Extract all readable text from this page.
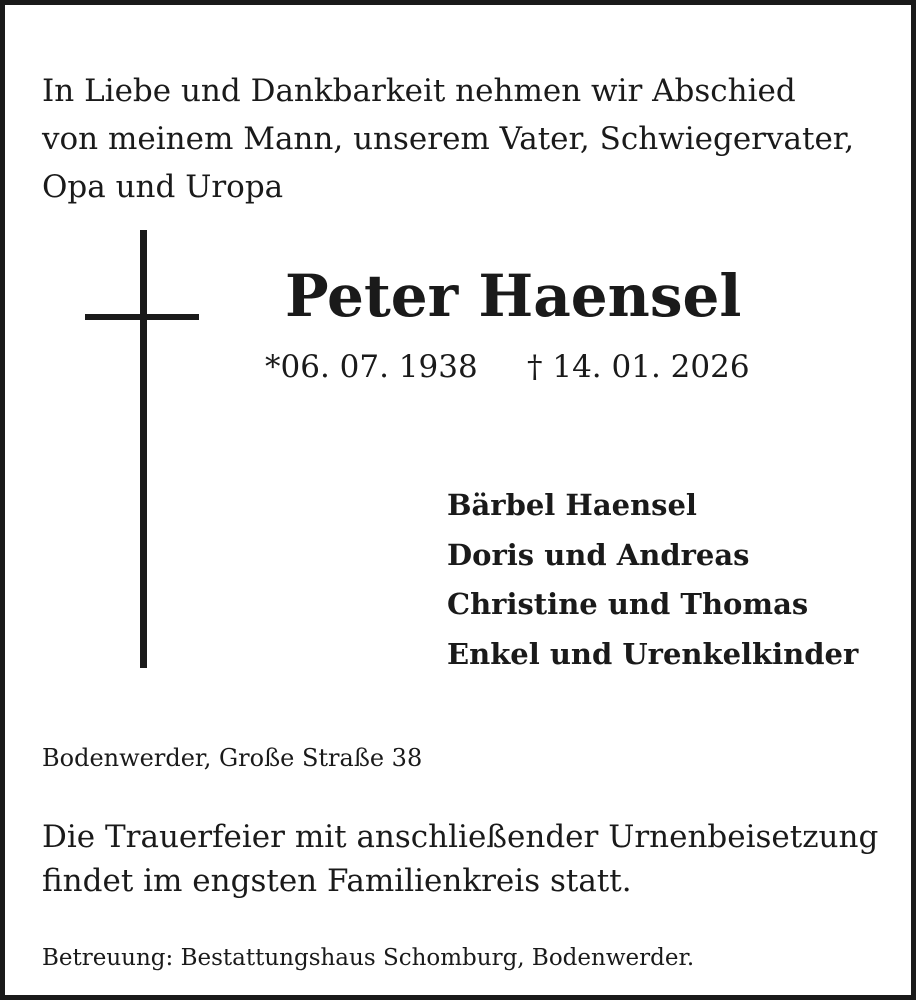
In Liebe und Dankbarkeit nehmen wir Abschied
von meinem Mann, unserem Vater, Schwiegervater,
Opa und Uropa

Peter Haensel
*06. 07. 1938 † 14. 01. 2026
Bärbel Haensel
Doris und Andreas
Christine und Thomas
Enkel und Urenkelkinder
Bodenwerder, Große Straße 38

Die Trauerfeier mit anschließender Urnenbeisetzung
findet im engsten Familienkreis statt.

Betreuung: Bestattungshaus Schomburg, Bodenwerder.
